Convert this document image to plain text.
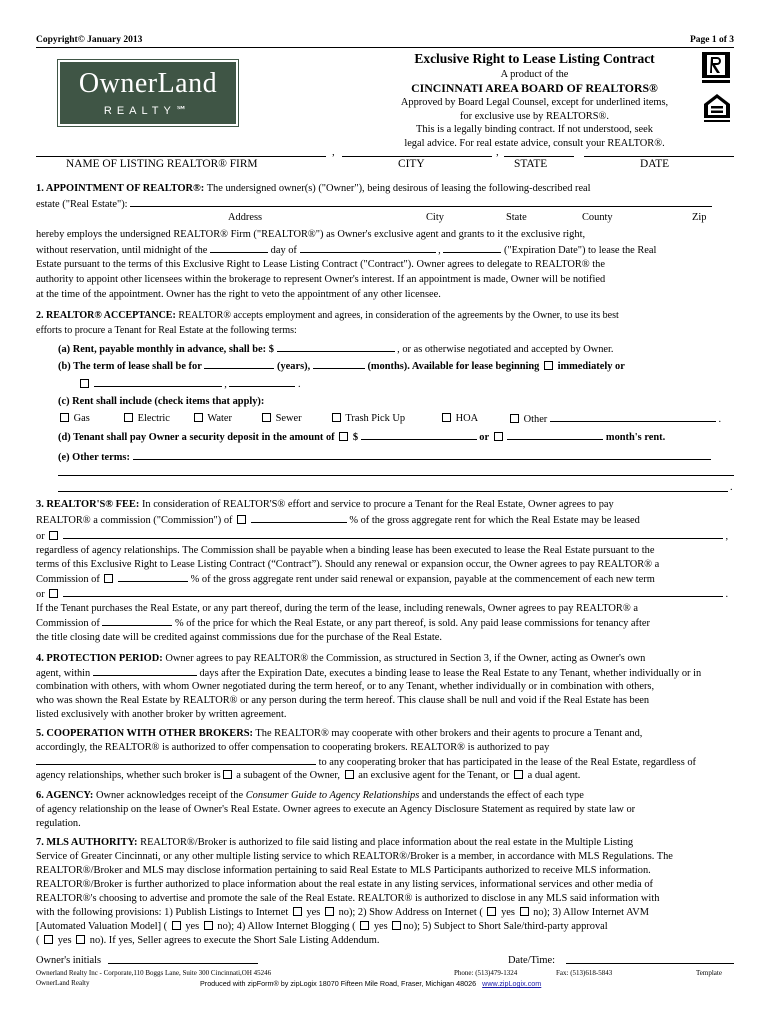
Copyright© January 2013	Page 1 of 3
OwnerLand
REALTY℠
Exclusive Right to Lease Listing Contract
A product of the
CINCINNATI AREA BOARD OF REALTORS®
Approved by Board Legal Counsel, except for underlined items,
for exclusive use by REALTORS®.
This is a legally binding contract. If not understood, seek
legal advice. For real estate advice, consult your REALTOR®.
,	,
NAME OF LISTING REALTOR® FIRM	CITY	STATE	DATE

1. APPOINTMENT OF REALTOR®: The undersigned owner(s) ("Owner"), being desirous of leasing the following-described real

estate ("Real Estate"):

Address	City	State	County	Zip

hereby employs the undersigned REALTOR® Firm ("REALTOR®") as Owner's exclusive agent and grants to it the exclusive right,

without reservation, until midnight of the	day of	,	("Expiration Date") to lease the Real

Estate pursuant to the terms of this Exclusive Right to Lease Listing Contract ("Contract"). Owner agrees to delegate to REALTOR® the

authority to appoint other licensees within the brokerage to represent Owner's interest. If an appointment is made, Owner will be notified

at the time of the appointment. Owner has the right to veto the appointment of any other licensee.

2. REALTOR® ACCEPTANCE: REALTOR® accepts employment and agrees, in consideration of the agreements by the Owner, to use its best

efforts to procure a Tenant for Real Estate at the following terms:

(a) Rent, payable monthly in advance, shall be: $	, or as otherwise negotiated and accepted by Owner.

(b) The term of lease shall be for	(years),	(months). Available for lease beginning immediately or

,	.

(c) Rent shall include (check items that apply):

Gas	Electric	Water	Sewer	Trash Pick Up	HOA	Other	.

(d) Tenant shall pay Owner a security deposit in the amount of $	or	month's rent.

(e) Other terms:

.

3. REALTOR'S® FEE: In consideration of REALTOR'S® effort and service to procure a Tenant for the Real Estate, Owner agrees to pay

REALTOR® a commission ("Commission") of	% of the gross aggregate rent for which the Real Estate may be leased

or	,

regardless of agency relationships. The Commission shall be payable when a binding lease has been executed to lease the Real Estate pursuant to the

terms of this Exclusive Right to Lease Listing Contract (“Contract”). Should any renewal or expansion occur, the Owner agrees to pay REALTOR® a

Commission of	% of the gross aggregate rent under said renewal or expansion, payable at the commencement of each new term

or	.

If the Tenant purchases the Real Estate, or any part thereof, during the term of the lease, including renewals, Owner agrees to pay REALTOR® a

Commission of	% of the price for which the Real Estate, or any part thereof, is sold. Any paid lease commissions for tenancy after

the title closing date will be credited against commissions due for the purchase of the Real Estate.

4. PROTECTION PERIOD: Owner agrees to pay REALTOR® the Commission, as structured in Section 3, if the Owner, acting as Owner's own

agent, within	days after the Expiration Date, executes a binding lease to lease the Real Estate to any Tenant, whether individually or in

combination with others, with whom Owner negotiated during the term hereof, or to any Tenant, whether individually or in combination with others,

who was shown the Real Estate by REALTOR® or any person during the term hereof. This clause shall be null and void if the Real Estate has been

listed exclusively with another broker by written agreement.

5. COOPERATION WITH OTHER BROKERS: The REALTOR® may cooperate with other brokers and their agents to procure a Tenant and,

accordingly, the REALTOR® is authorized to offer compensation to cooperating brokers. REALTOR® is authorized to pay

to any cooperating broker that has participated in the lease of the Real Estate, regardless of

agency relationships, whether such broker is a subagent of the Owner, an exclusive agent for the Tenant, or a dual agent.

6. AGENCY: Owner acknowledges receipt of the Consumer Guide to Agency Relationships and understands the effect of each type

of agency relationship on the lease of Owner's Real Estate. Owner agrees to execute an Agency Disclosure Statement as required by state law or

regulation.

7. MLS AUTHORITY: REALTOR®/Broker is authorized to file said listing and place information about the real estate in the Multiple Listing

Service of Greater Cincinnati, or any other multiple listing service to which REALTOR®/Broker is a member, in accordance with MLS Regulations. The

REALTOR®/Broker and MLS may disclose information pertaining to said Real Estate to MLS Participants authorized to receive MLS information.

REALTOR®/Broker is further authorized to place information about the real estate in any listing services, informational services and other media of

REALTOR®'s choosing to advertise and promote the sale of the Real Estate. REALTOR® is authorized to disclose in any MLS said information with

with the following provisions: 1) Publish Listings to Internet yes no); 2) Show Address on Internet ( yes no); 3) Allow Internet AVM

[Automated Valuation Model] ( yes no); 4) Allow Internet Blogging ( yes no); 5) Subject to Short Sale/third-party approval

( yes no). If yes, Seller agrees to execute the Short Sale Listing Addendum.

Owner's initials	Date/Time:
Ownerland Realty Inc - Corporate,110 Boggs Lane, Suite 300 Cincinnati,OH 45246	Phone: (513)479-1324	Fax: (513)618-5843	Template
OwnerLand Realty	Produced with zipForm® by zipLogix 18070 Fifteen Mile Road, Fraser, Michigan 48026 www.zipLogix.com
